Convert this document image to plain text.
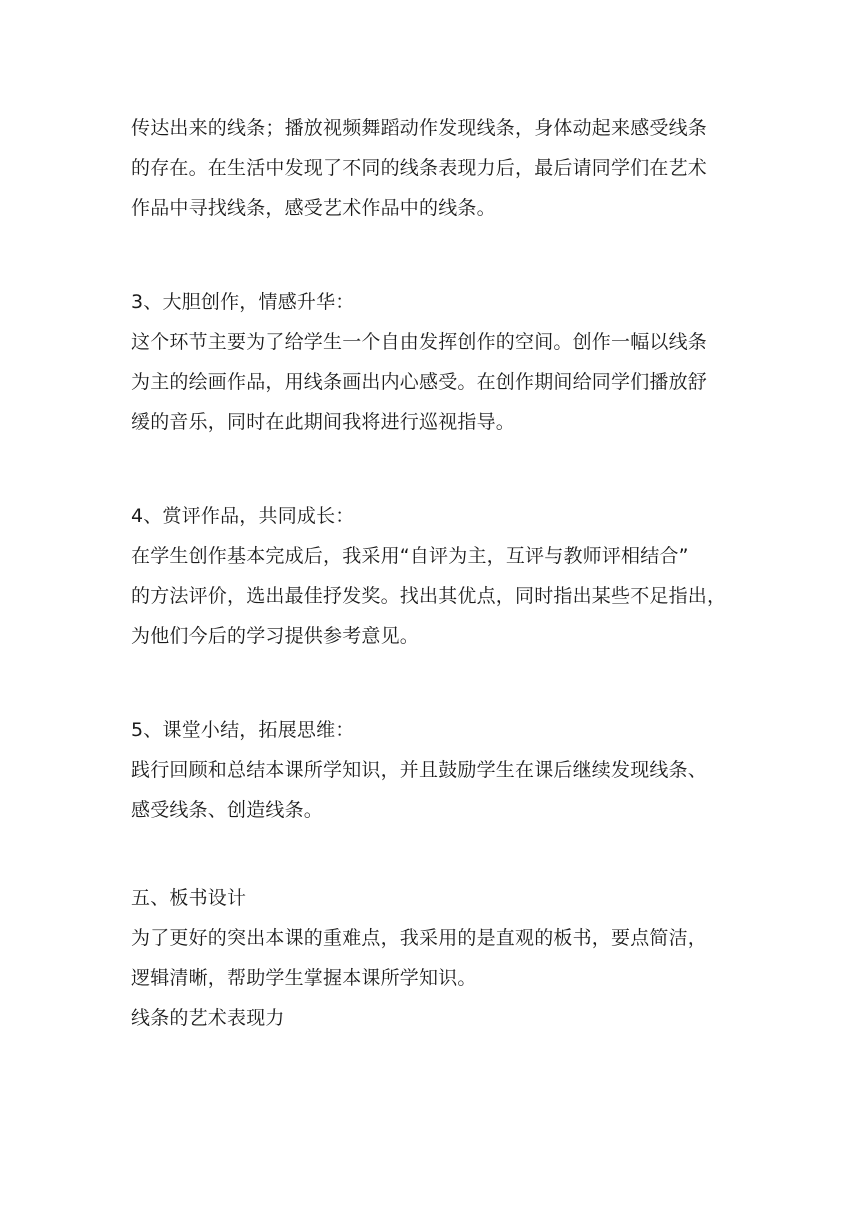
传达出来的线条；播放视频舞蹈动作发现线条，身体动起来感受线条
的存在。在生活中发现了不同的线条表现力后，最后请同学们在艺术
作品中寻找线条，感受艺术作品中的线条。
3、大胆创作，情感升华：
这个环节主要为了给学生一个自由发挥创作的空间。创作一幅以线条
为主的绘画作品，用线条画出内心感受。在创作期间给同学们播放舒
缓的音乐，同时在此期间我将进行巡视指导。
4、赏评作品，共同成长：
在学生创作基本完成后，我采用“自评为主，互评与教师评相结合”
的方法评价，选出最佳抒发奖。找出其优点，同时指出某些不足指出，
为他们今后的学习提供参考意见。
5、课堂小结，拓展思维：
践行回顾和总结本课所学知识，并且鼓励学生在课后继续发现线条、
感受线条、创造线条。
五、板书设计
为了更好的突出本课的重难点，我采用的是直观的板书，要点简洁，
逻辑清晰，帮助学生掌握本课所学知识。
线条的艺术表现力
